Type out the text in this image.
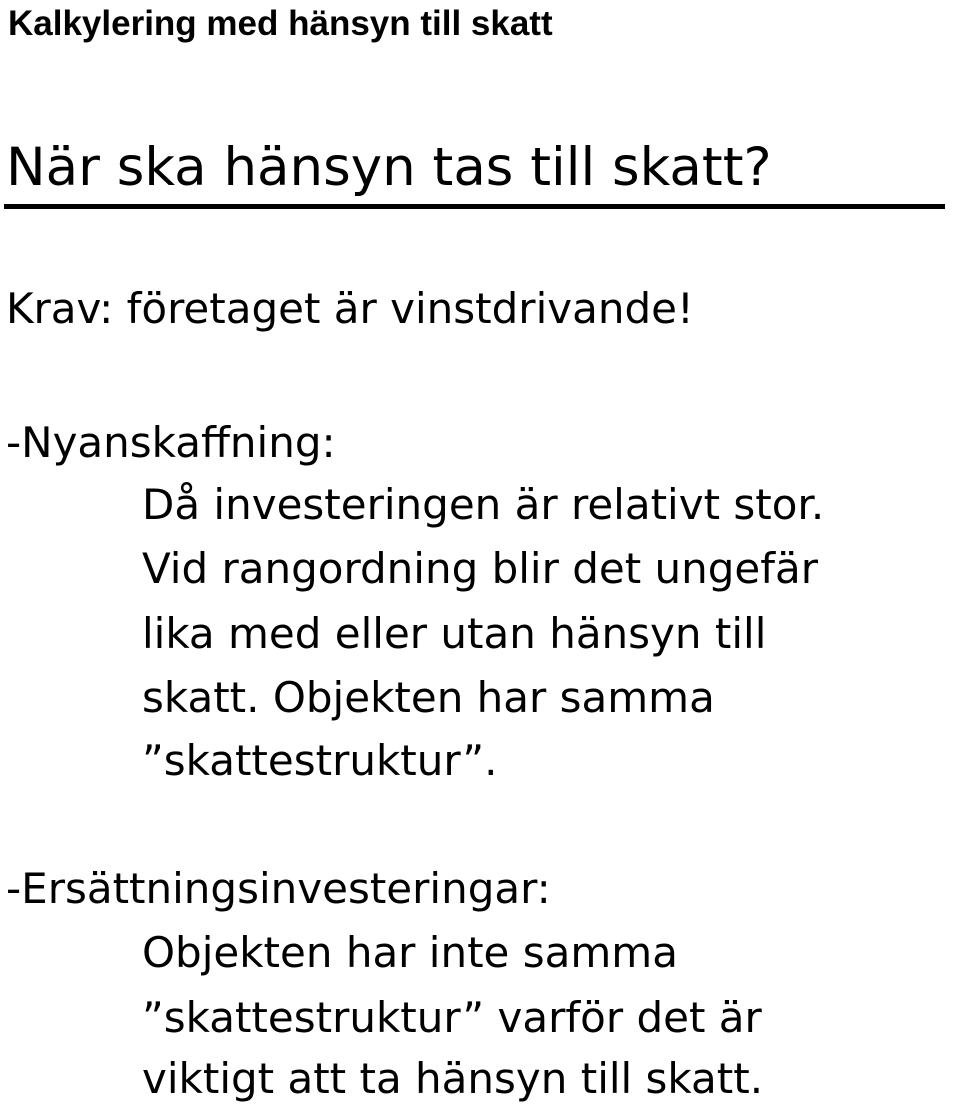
Kalkylering med hänsyn till skatt
När ska hänsyn tas till skatt?
Krav: företaget är vinstdrivande!
-Nyanskaffning:
Då investeringen är relativt stor.
Vid rangordning blir det ungefär
lika med eller utan hänsyn till
skatt. Objekten har samma
”skattestruktur”.
-Ersättningsinvesteringar:
Objekten har inte samma
”skattestruktur” varför det är
viktigt att ta hänsyn till skatt.
